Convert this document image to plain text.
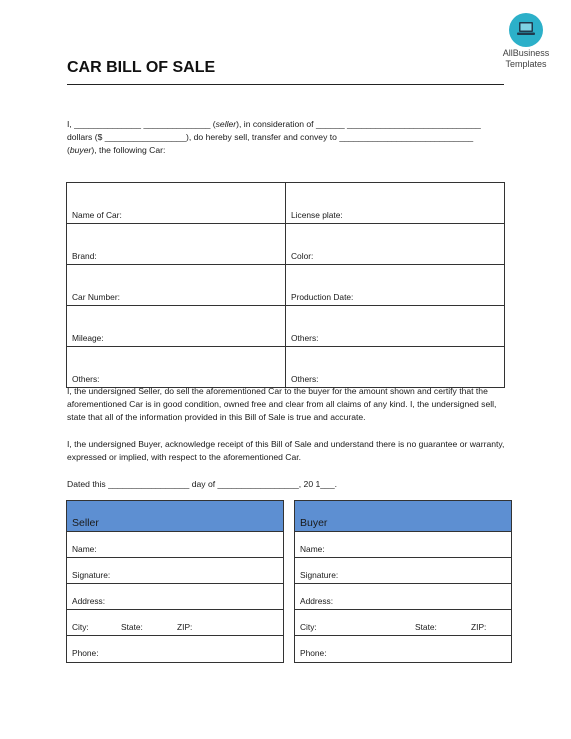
AllBusiness
Templates
CAR BILL OF SALE
I, ______________ ______________ (seller), in consideration of ______ ____________________________
dollars ($ _________________), do hereby sell, transfer and convey to ____________________________
(buyer), the following Car:
Name of Car:	License plate:
Brand:	Color:
Car Number:	Production Date:
Mileage:	Others:
Others:	Others:
I, the undersigned Seller, do sell the aforementioned Car to the buyer for the amount shown and certify that the aforementioned Car is in good condition, owned free and clear from all claims of any kind. I, the undersigned sell, state that all of the information provided in this Bill of Sale is true and accurate.
I, the undersigned Buyer, acknowledge receipt of this Bill of Sale and understand there is no guarantee or warranty, expressed or implied, with respect to the aforementioned Car.
Dated this _________________ day of _________________, 20 1___.
Seller
Name:
Signature:
Address:
City:	State:	ZIP:
Phone:
Buyer
Name:
Signature:
Address:
City:	State:	ZIP:
Phone:
